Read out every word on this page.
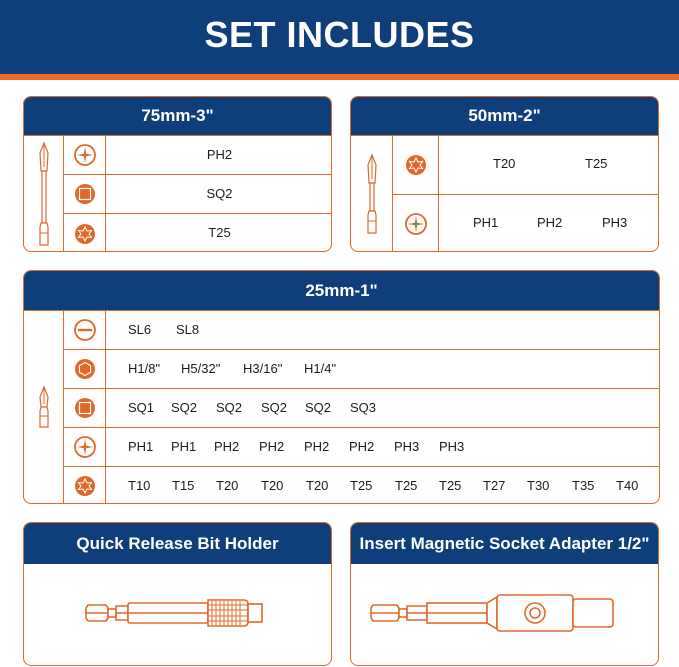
SET INCLUDES
75mm-3"
PH2
SQ2
T25
50mm-2"
T20	T25
PH1	PH2	PH3
25mm-1"
SL6 SL8
H1/8" H5/32" H3/16" H1/4"
SQ1 SQ2 SQ2 SQ2 SQ2 SQ3
PH1 PH1 PH2 PH2 PH2 PH2 PH3 PH3
T10 T15 T20 T20 T20 T25 T25 T25 T27 T30 T35 T40
Quick Release Bit Holder	Insert Magnetic Socket Adapter 1/2"
